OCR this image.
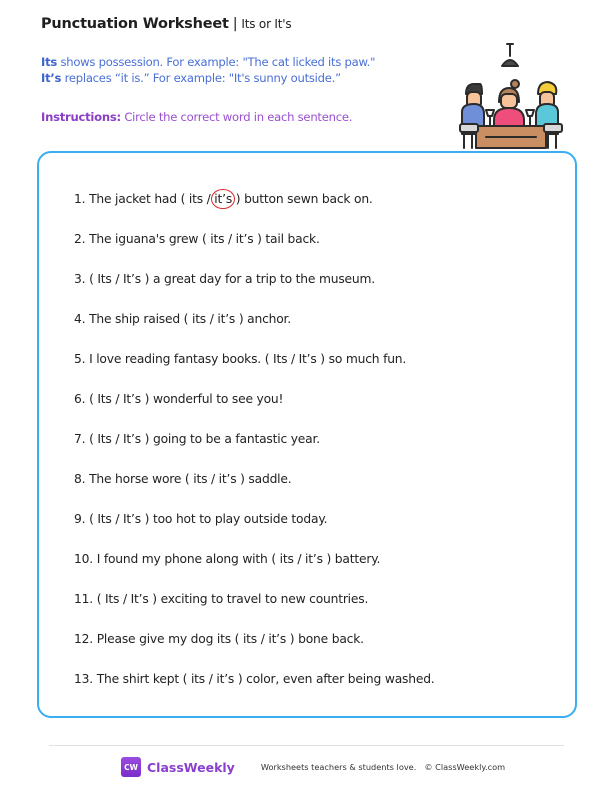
Punctuation Worksheet | Its or It's
Its shows possession. For example: "The cat licked its paw."
It’s replaces “it is.” For example: "It's sunny outside.”
Instructions: Circle the correct word in each sentence.
1. The jacket had ( its / it’s ) button sewn back on.
2. The iguana's grew ( its / it’s ) tail back.
3. ( Its / It’s ) a great day for a trip to the museum.
4. The ship raised ( its / it’s ) anchor.
5. I love reading fantasy books. ( Its / It’s ) so much fun.
6. ( Its / It’s ) wonderful to see you!
7. ( Its / It’s ) going to be a fantastic year.
8. The horse wore ( its / it’s ) saddle.
9. ( Its / It’s ) too hot to play outside today.
10. I found my phone along with ( its / it’s ) battery.
11. ( Its / It’s ) exciting to travel to new countries.
12. Please give my dog its ( its / it’s ) bone back.
13. The shirt kept ( its / it’s ) color, even after being washed.
CW ClassWeekly	Worksheets teachers & students love. © ClassWeekly.com
